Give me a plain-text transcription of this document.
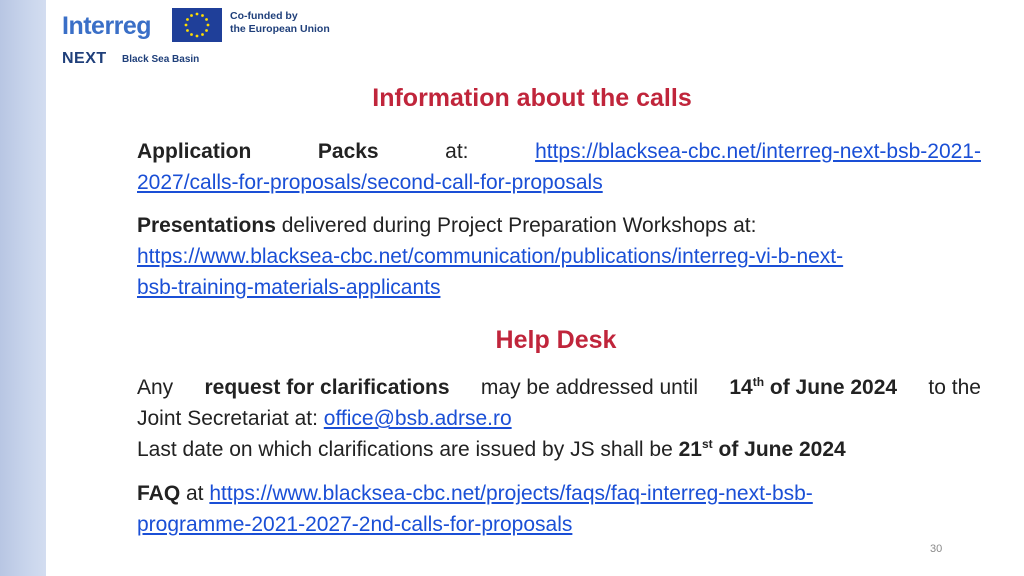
Interreg	Co-funded by
the European Union
NEXT Black Sea Basin
Information about the calls
Application	Packs	at:	https://blacksea-cbc.net/interreg-next-bsb-2021-

2027/calls-for-proposals/second-call-for-proposals

Presentations delivered during Project Preparation Workshops at:

https://www.blacksea-cbc.net/communication/publications/interreg-vi-b-next-

bsb-training-materials-applicants

Help Desk
Any request for clarifications may be addressed until 14th of June 2024 to the

Joint Secretariat at: office@bsb.adrse.ro

Last date on which clarifications are issued by JS shall be 21st of June 2024

FAQ at https://www.blacksea-cbc.net/projects/faqs/faq-interreg-next-bsb-

programme-2021-2027-2nd-calls-for-proposals

30
